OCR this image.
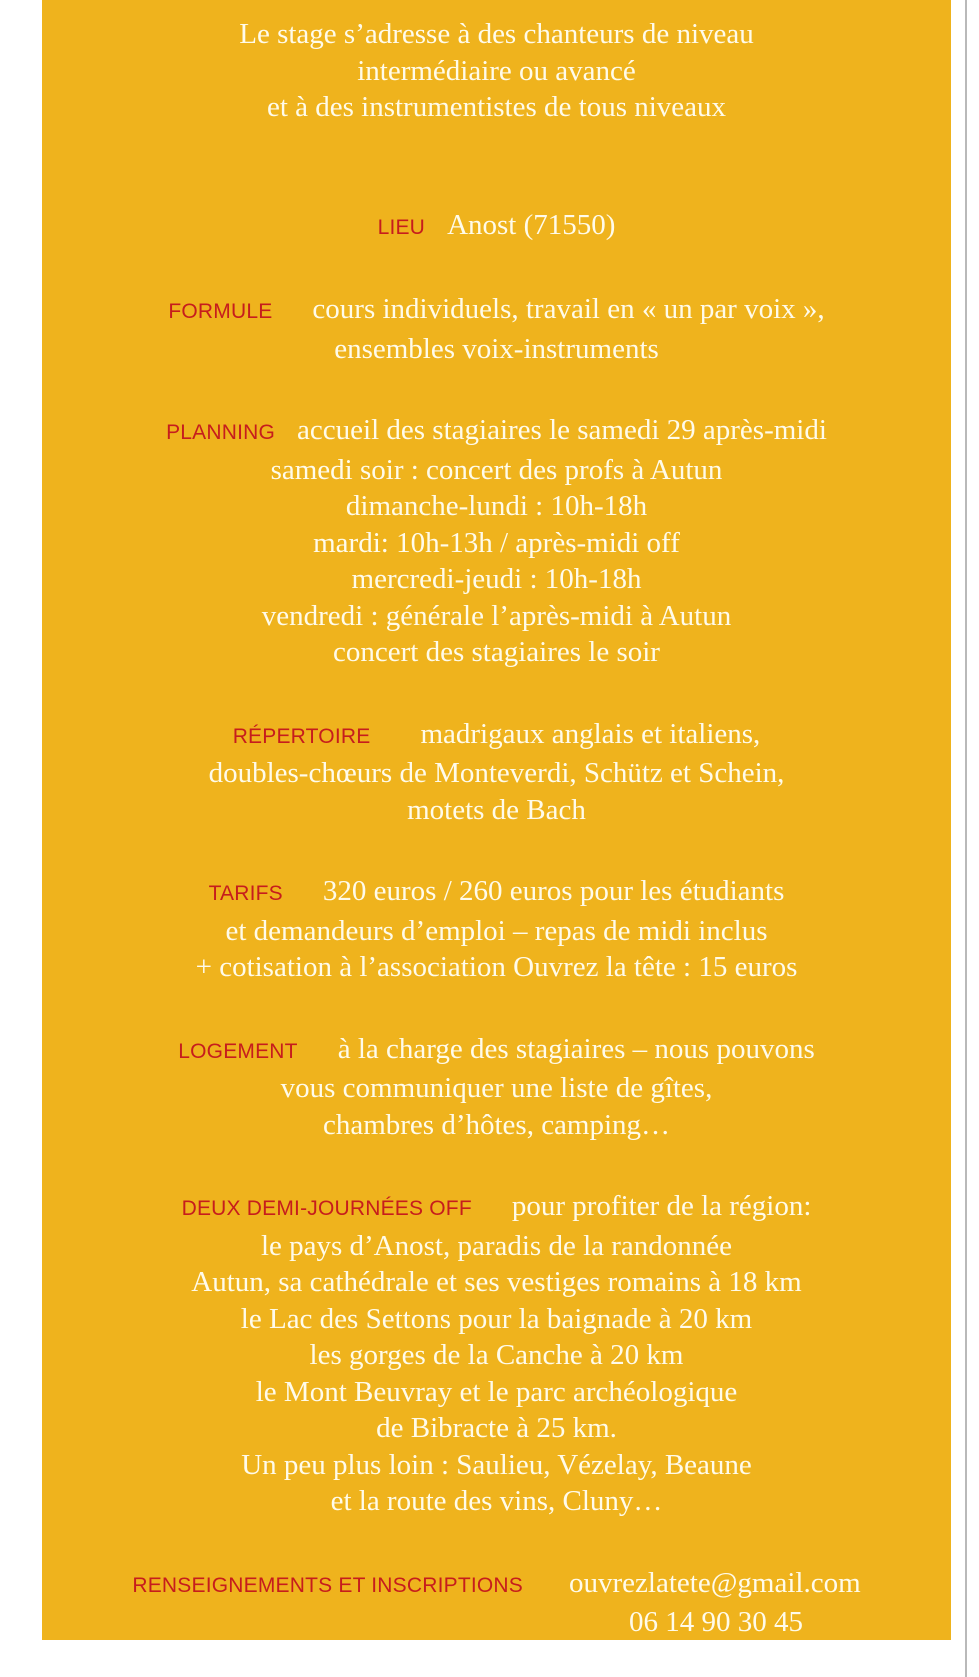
Le stage s’adresse à des chanteurs de niveau
intermédiaire ou avancé
et à des instrumentistes de tous niveaux
LIEU Anost (71550)
FORMULE cours individuels, travail en « un par voix »,
ensembles voix-instruments
PLANNING accueil des stagiaires le samedi 29 après-midi
samedi soir : concert des profs à Autun
dimanche-lundi : 10h-18h
mardi: 10h-13h / après-midi off
mercredi-jeudi : 10h-18h
vendredi : générale l’après-midi à Autun
concert des stagiaires le soir
RÉPERTOIRE madrigaux anglais et italiens,
doubles-chœurs de Monteverdi, Schütz et Schein,
motets de Bach
TARIFS 320 euros / 260 euros pour les étudiants
et demandeurs d’emploi – repas de midi inclus
+ cotisation à l’association Ouvrez la tête : 15 euros
LOGEMENT à la charge des stagiaires – nous pouvons
vous communiquer une liste de gîtes,
chambres d’hôtes, camping…
DEUX DEMI-JOURNÉES OFF pour profiter de la région:
le pays d’Anost, paradis de la randonnée
Autun, sa cathédrale et ses vestiges romains à 18 km
le Lac des Settons pour la baignade à 20 km
les gorges de la Canche à 20 km
le Mont Beuvray et le parc archéologique
de Bibracte à 25 km.
Un peu plus loin : Saulieu, Vézelay, Beaune
et la route des vins, Cluny…
RENSEIGNEMENTS ET INSCRIPTIONS ouvrezlatete@gmail.com
06 14 90 30 45
